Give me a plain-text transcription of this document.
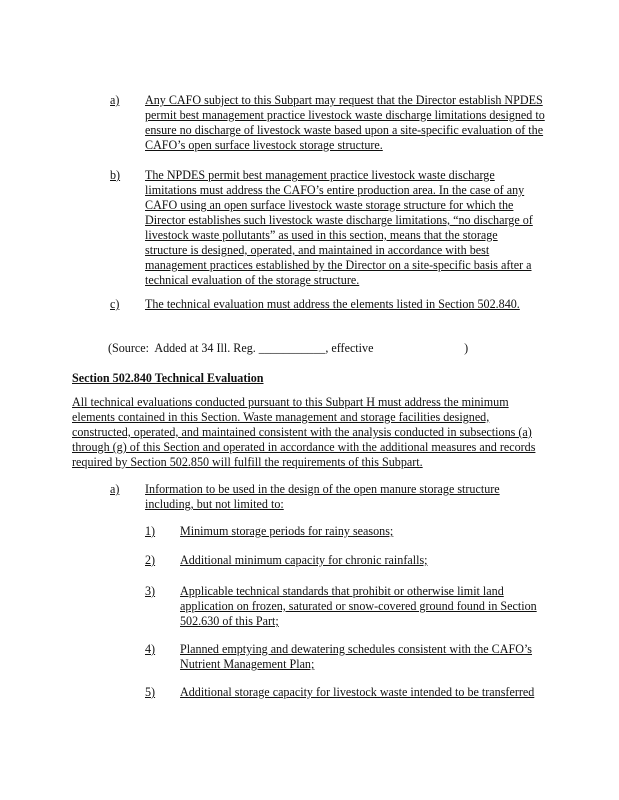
a) Any CAFO subject to this Subpart may request that the Director establish NPDES
permit best management practice livestock waste discharge limitations designed to
ensure no discharge of livestock waste based upon a site-specific evaluation of the
CAFO’s open surface livestock storage structure.
b) The NPDES permit best management practice livestock waste discharge
limitations must address the CAFO’s entire production area. In the case of any
CAFO using an open surface livestock waste storage structure for which the
Director establishes such livestock waste discharge limitations, “no discharge of
livestock waste pollutants” as used in this section, means that the storage
structure is designed, operated, and maintained in accordance with best
management practices established by the Director on a site-specific basis after a
technical evaluation of the storage structure.
c) The technical evaluation must address the elements listed in Section 502.840.
(Source:  Added at 34 Ill. Reg. ___________, effective                              )
Section 502.840 Technical Evaluation
All technical evaluations conducted pursuant to this Subpart H must address the minimum
elements contained in this Section. Waste management and storage facilities designed,
constructed, operated, and maintained consistent with the analysis conducted in subsections (a)
through (g) of this Section and operated in accordance with the additional measures and records
required by Section 502.850 will fulfill the requirements of this Subpart.
a) Information to be used in the design of the open manure storage structure
including, but not limited to:
1) Minimum storage periods for rainy seasons;
2) Additional minimum capacity for chronic rainfalls;
3) Applicable technical standards that prohibit or otherwise limit land
application on frozen, saturated or snow-covered ground found in Section
502.630 of this Part;
4) Planned emptying and dewatering schedules consistent with the CAFO’s
Nutrient Management Plan;
5) Additional storage capacity for livestock waste intended to be transferred
